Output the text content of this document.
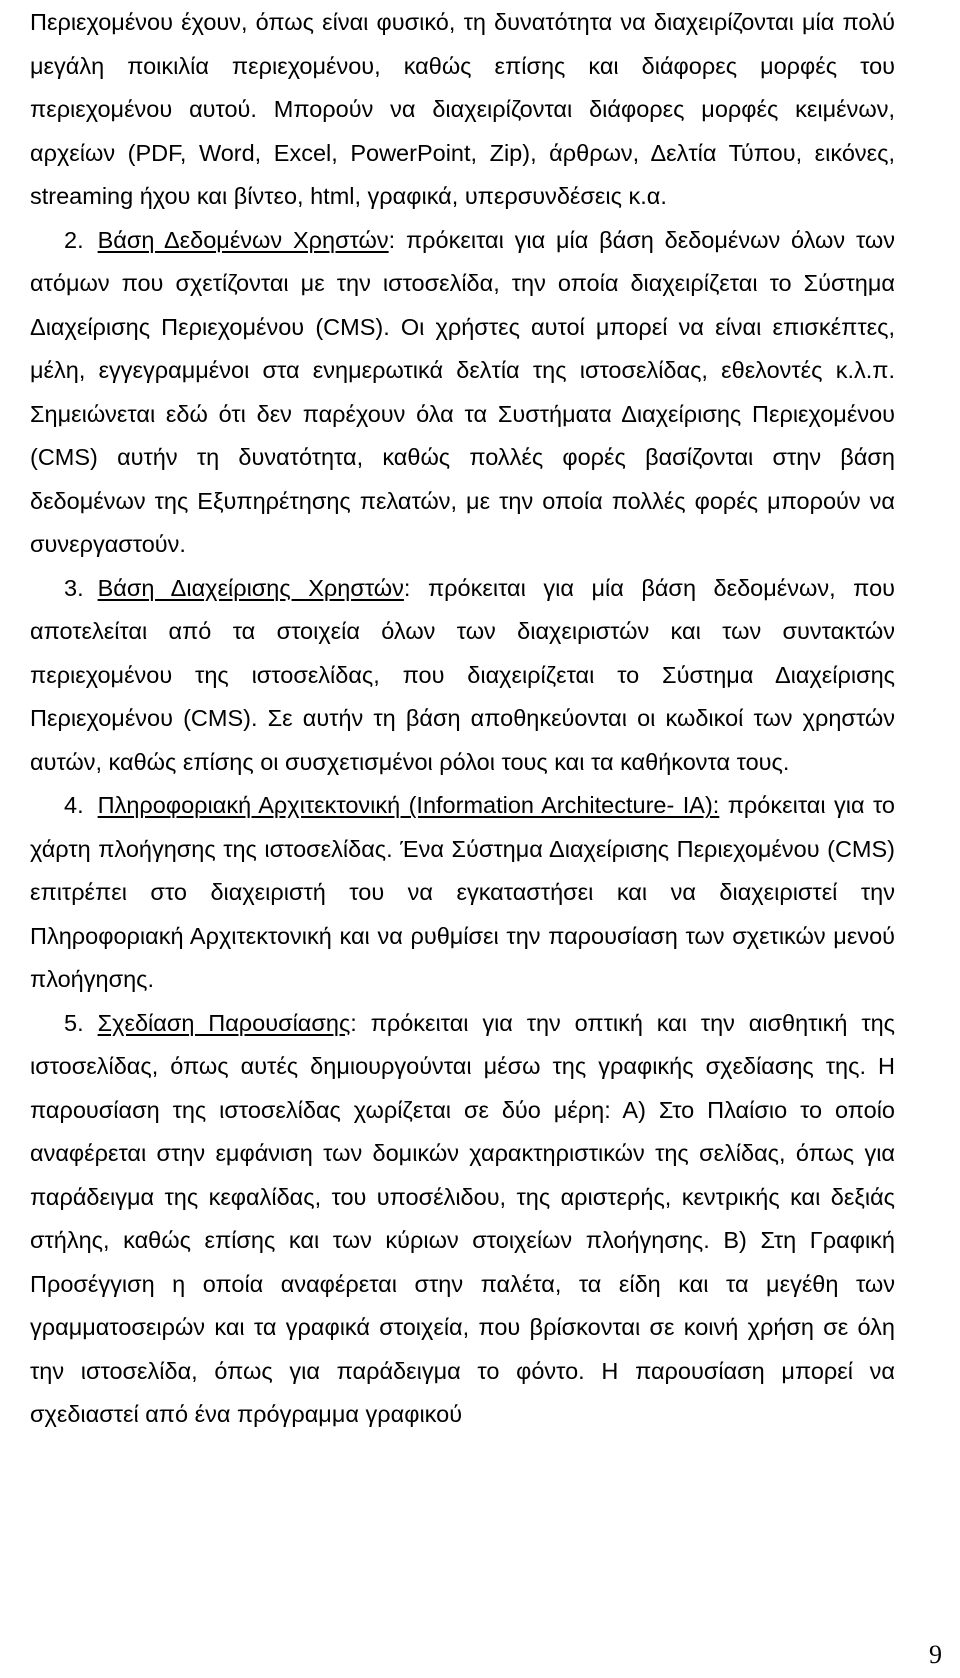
Περιεχομένου έχουν, όπως είναι φυσικό, τη δυνατότητα να διαχειρίζονται μία πολύ μεγάλη ποικιλία περιεχομένου, καθώς επίσης και διάφορες μορφές του περιεχομένου αυτού. Μπορούν να διαχειρίζονται διάφορες μορφές κειμένων, αρχείων (PDF, Word, Excel, PowerPoint, Zip), άρθρων, Δελτία Τύπου, εικόνες, streaming ήχου και βίντεο, html, γραφικά, υπερσυνδέσεις κ.α.

2. Βάση Δεδομένων Χρηστών: πρόκειται για μία βάση δεδομένων όλων των ατόμων που σχετίζονται με την ιστοσελίδα, την οποία διαχειρίζεται το Σύστημα Διαχείρισης Περιεχομένου (CMS). Οι χρήστες αυτοί μπορεί να είναι επισκέπτες, μέλη, εγγεγραμμένοι στα ενημερωτικά δελτία της ιστοσελίδας, εθελοντές κ.λ.π. Σημειώνεται εδώ ότι δεν παρέχουν όλα τα Συστήματα Διαχείρισης Περιεχομένου (CMS) αυτήν τη δυνατότητα, καθώς πολλές φορές βασίζονται στην βάση δεδομένων της Εξυπηρέτησης πελατών, με την οποία πολλές φορές μπορούν να συνεργαστούν.

3. Βάση Διαχείρισης Χρηστών: πρόκειται για μία βάση δεδομένων, που αποτελείται από τα στοιχεία όλων των διαχειριστών και των συντακτών περιεχομένου της ιστοσελίδας, που διαχειρίζεται το Σύστημα Διαχείρισης Περιεχομένου (CMS). Σε αυτήν τη βάση αποθηκεύονται οι κωδικοί των χρηστών αυτών, καθώς επίσης οι συσχετισμένοι ρόλοι τους και τα καθήκοντα τους.

4. Πληροφοριακή Αρχιτεκτονική (Information Architecture- IA): πρόκειται για το χάρτη πλοήγησης της ιστοσελίδας. Ένα Σύστημα Διαχείρισης Περιεχομένου (CMS) επιτρέπει στο διαχειριστή του να εγκαταστήσει και να διαχειριστεί την Πληροφοριακή Αρχιτεκτονική και να ρυθμίσει την παρουσίαση των σχετικών μενού πλοήγησης.

5. Σχεδίαση Παρουσίασης: πρόκειται για την οπτική και την αισθητική της ιστοσελίδας, όπως αυτές δημιουργούνται μέσω της γραφικής σχεδίασης της. Η παρουσίαση της ιστοσελίδας χωρίζεται σε δύο μέρη: Α) Στο Πλαίσιο το οποίο αναφέρεται στην εμφάνιση των δομικών χαρακτηριστικών της σελίδας, όπως για παράδειγμα της κεφαλίδας, του υποσέλιδου, της αριστερής, κεντρικής και δεξιάς στήλης, καθώς επίσης και των κύριων στοιχείων πλοήγησης. Β) Στη Γραφική Προσέγγιση η οποία αναφέρεται στην παλέτα, τα είδη και τα μεγέθη των γραμματοσειρών και τα γραφικά στοιχεία, που βρίσκονται σε κοινή χρήση σε όλη την ιστοσελίδα, όπως για παράδειγμα το φόντο. Η παρουσίαση μπορεί να σχεδιαστεί από ένα πρόγραμμα γραφικού

9
